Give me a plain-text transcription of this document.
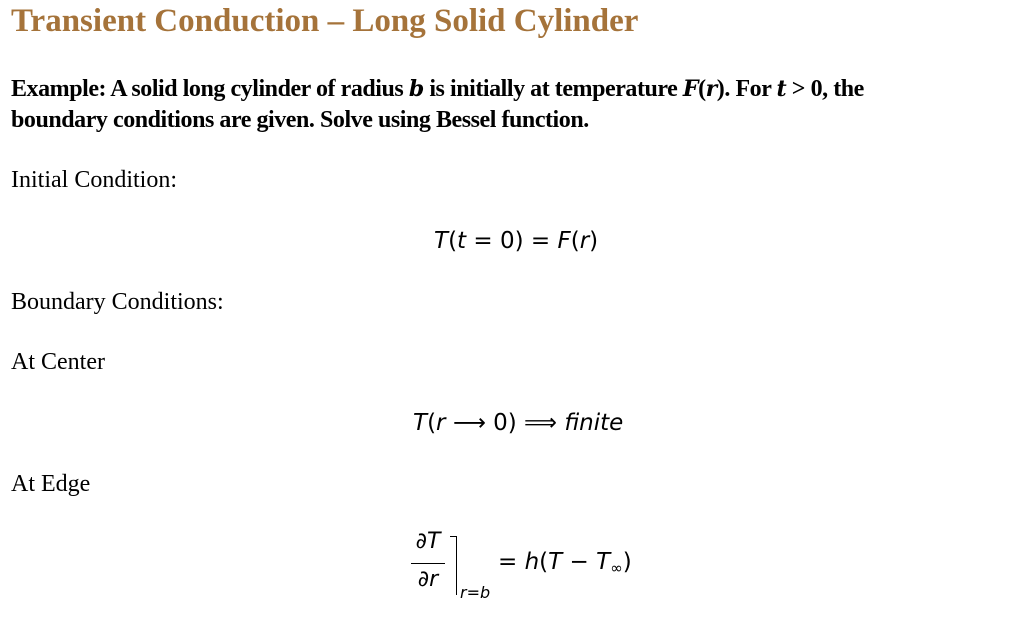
Transient Conduction – Long Solid Cylinder
Example: A solid long cylinder of radius b is initially at temperature F(r). For t > 0, the
boundary conditions are given. Solve using Bessel function.
Initial Condition:
T(t = 0) = F(r)
Boundary Conditions:
At Center
T(r ⟶ 0) ⟹ finite
At Edge
∂T
∂r
r=b
= $h(T - T_\infty)$
